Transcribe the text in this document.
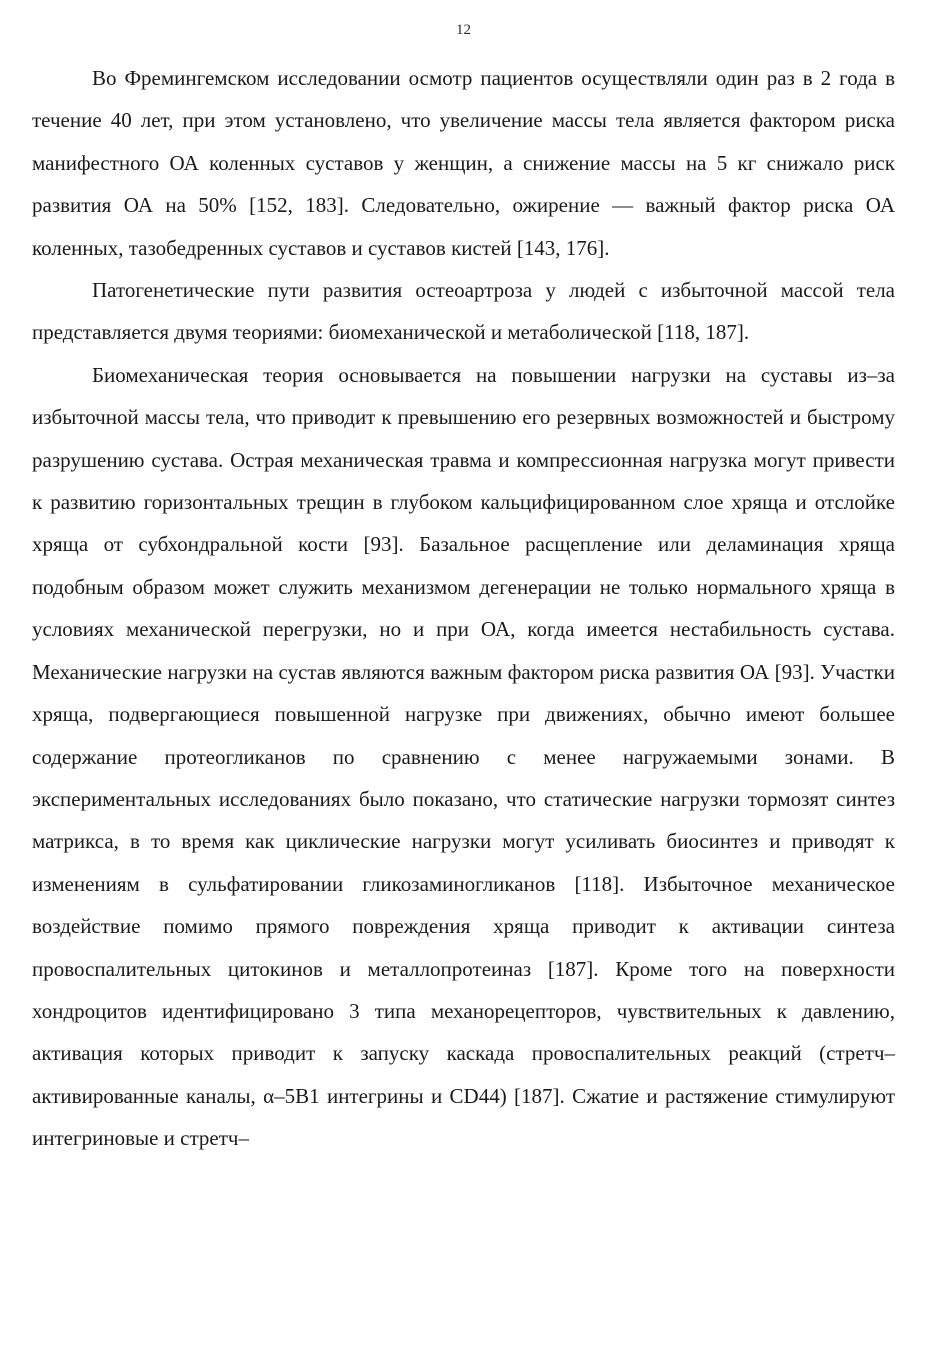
12

Во Фремингемском исследовании осмотр пациентов осуществляли один раз в 2 года в течение 40 лет, при этом установлено, что увеличение массы тела является фактором риска манифестного ОА коленных суставов у женщин, а снижение массы на 5 кг снижало риск развития ОА на 50% [152, 183]. Следовательно, ожирение — важный фактор риска ОА коленных, тазобедренных суставов и суставов кистей [143, 176].

Патогенетические пути развития остеоартроза у людей с избыточной массой тела представляется двумя теориями: биомеханической и метаболической [118, 187].

Биомеханическая теория основывается на повышении нагрузки на суставы из–за избыточной массы тела, что приводит к превышению его резервных возможностей и быстрому разрушению сустава. Острая механическая травма и компрессионная нагрузка могут привести к развитию горизонтальных трещин в глубоком кальцифицированном слое хряща и отслойке хряща от субхондральной кости [93]. Базальное расщепление или деламинация хряща подобным образом может служить механизмом дегенерации не только нормального хряща в условиях механической перегрузки, но и при ОА, когда имеется нестабильность сустава. Механические нагрузки на сустав являются важным фактором риска развития ОА [93]. Участки хряща, подвергающиеся повышенной нагрузке при движениях, обычно имеют большее содержание протеогликанов по сравнению с менее нагружаемыми зонами. В экспериментальных исследованиях было показано, что статические нагрузки тормозят синтез матрикса, в то время как циклические нагрузки могут усиливать биосинтез и приводят к изменениям в сульфатировании гликозаминогликанов [118]. Избыточное механическое воздействие помимо прямого повреждения хряща приводит к активации синтеза провоспалительных цитокинов и металлопротеиназ [187]. Кроме того на поверхности хондроцитов идентифицировано 3 типа механорецепторов, чувствительных к давлению, активация которых приводит к запуску каскада провоспалительных реакций (стретч–активированные каналы, α–5В1 интегрины и CD44) [187]. Сжатие и растяжение стимулируют интегриновые и стретч–
